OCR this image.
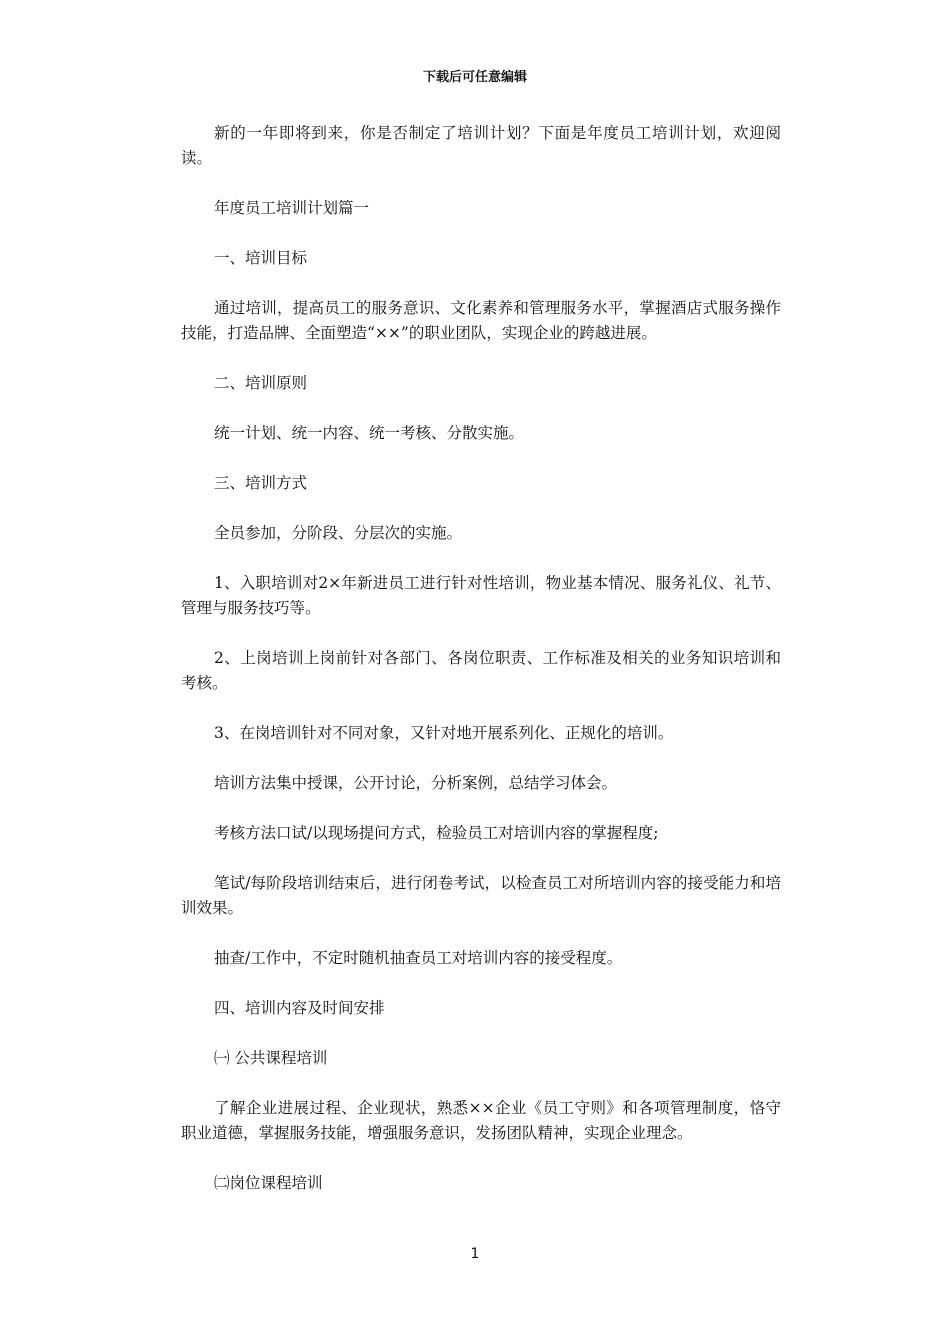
下载后可任意编辑

新的一年即将到来，你是否制定了培训计划？下面是年度员工培训计划，欢迎阅读。

年度员工培训计划篇一

一、培训目标

通过培训，提高员工的服务意识、文化素养和管理服务水平，掌握酒店式服务操作技能，打造品牌、全面塑造“××”的职业团队，实现企业的跨越进展。

二、培训原则

统一计划、统一内容、统一考核、分散实施。

三、培训方式

全员参加，分阶段、分层次的实施。

1、入职培训对2×年新进员工进行针对性培训，物业基本情况、服务礼仪、礼节、管理与服务技巧等。

2、上岗培训上岗前针对各部门、各岗位职责、工作标准及相关的业务知识培训和考核。

3、在岗培训针对不同对象，又针对地开展系列化、正规化的培训。

培训方法集中授课，公开讨论，分析案例，总结学习体会。

考核方法口试/以现场提问方式，检验员工对培训内容的掌握程度;

笔试/每阶段培训结束后，进行闭卷考试，以检查员工对所培训内容的接受能力和培训效果。

抽查/工作中，不定时随机抽查员工对培训内容的接受程度。

四、培训内容及时间安排

㈠ 公共课程培训

了解企业进展过程、企业现状，熟悉××企业《员工守则》和各项管理制度，恪守职业道德，掌握服务技能，增强服务意识，发扬团队精神，实现企业理念。

㈡岗位课程培训

1
